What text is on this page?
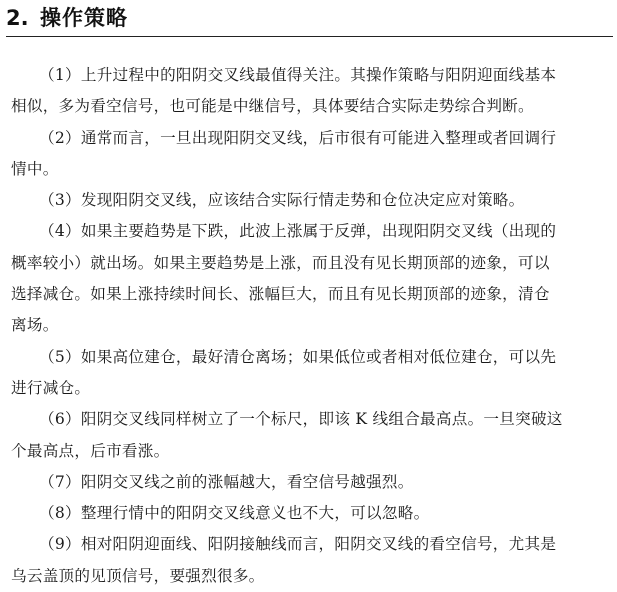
2. 操作策略
（1）上升过程中的阳阴交叉线最值得关注。其操作策略与阳阴迎面线基本
相似，多为看空信号，也可能是中继信号，具体要结合实际走势综合判断。
（2）通常而言，一旦出现阳阴交叉线，后市很有可能进入整理或者回调行
情中。
（3）发现阳阴交叉线，应该结合实际行情走势和仓位决定应对策略。
（4）如果主要趋势是下跌，此波上涨属于反弹，出现阳阴交叉线（出现的
概率较小）就出场。如果主要趋势是上涨，而且没有见长期顶部的迹象，可以
选择减仓。如果上涨持续时间长、涨幅巨大，而且有见长期顶部的迹象，清仓
离场。
（5）如果高位建仓，最好清仓离场；如果低位或者相对低位建仓，可以先
进行减仓。
（6）阳阴交叉线同样树立了一个标尺，即该 K 线组合最高点。一旦突破这
个最高点，后市看涨。
（7）阳阴交叉线之前的涨幅越大，看空信号越强烈。
（8）整理行情中的阳阴交叉线意义也不大，可以忽略。
（9）相对阳阴迎面线、阳阴接触线而言，阳阴交叉线的看空信号，尤其是
乌云盖顶的见顶信号，要强烈很多。
